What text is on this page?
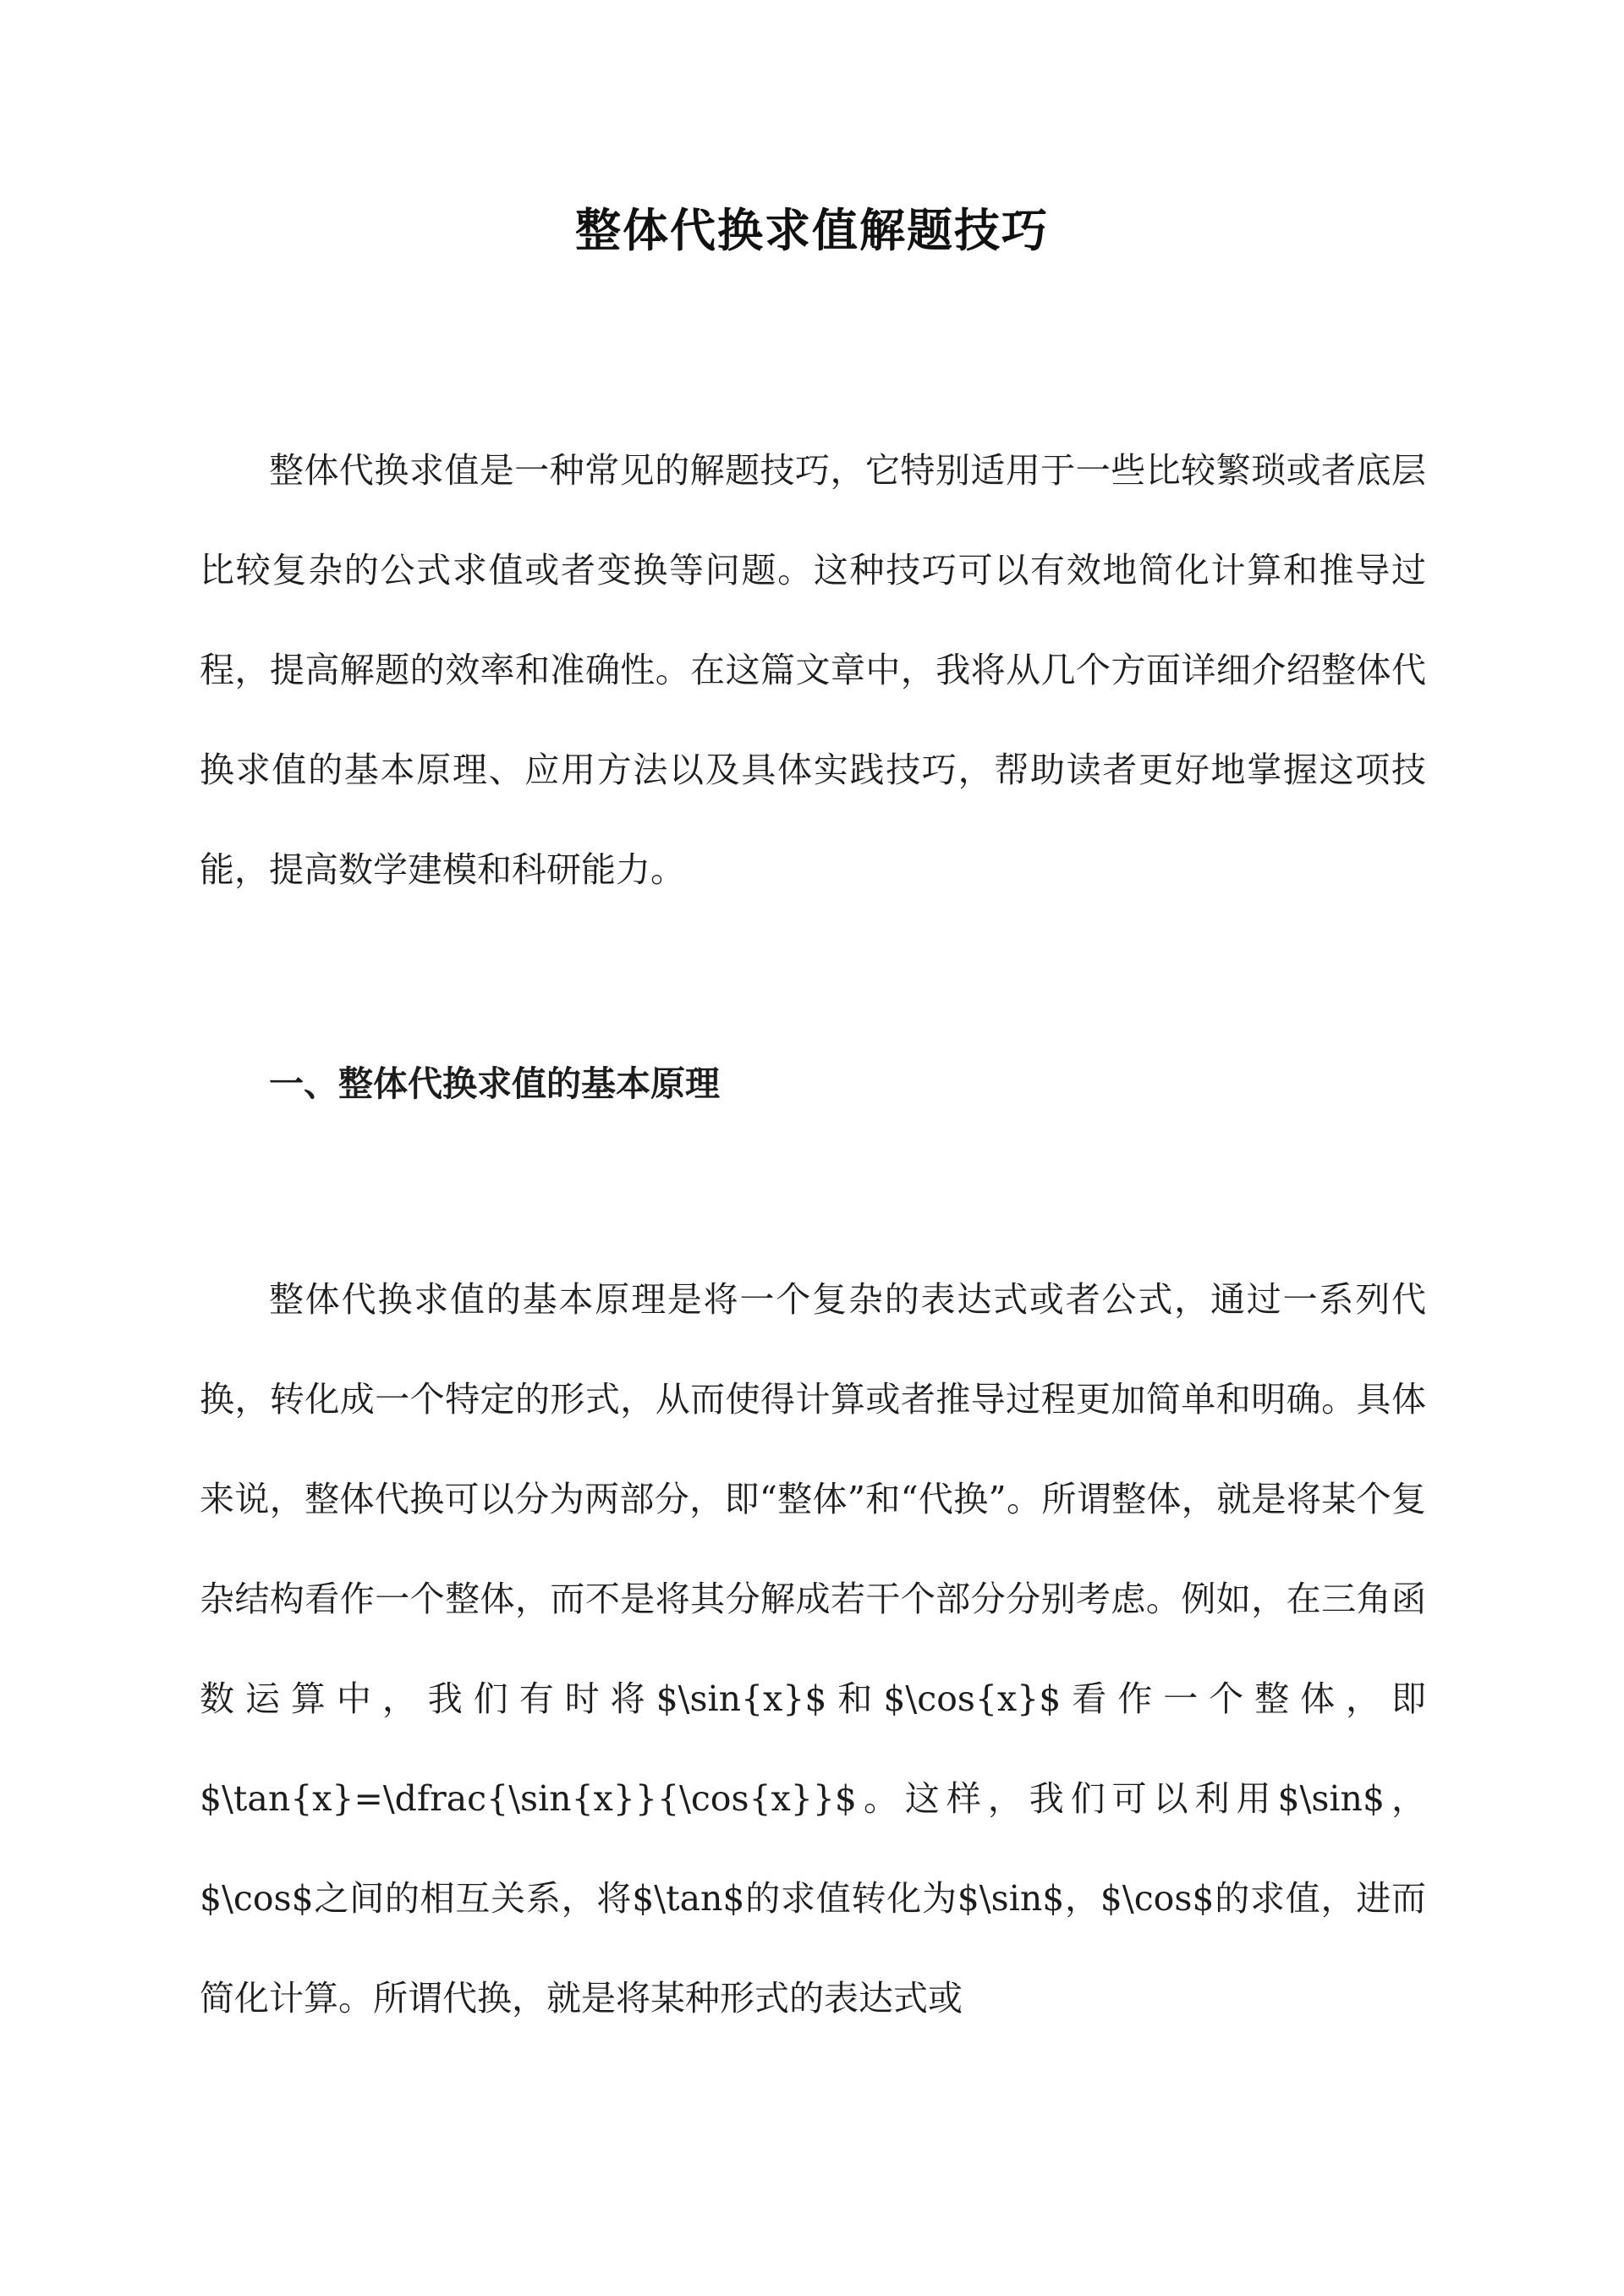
整体代换求值解题技巧

整体代换求值是一种常见的解题技巧，它特别适用于一些比较繁琐或者底层比较复杂的公式求值或者变换等问题。这种技巧可以有效地简化计算和推导过程，提高解题的效率和准确性。在这篇文章中，我将从几个方面详细介绍整体代换求值的基本原理、应用方法以及具体实践技巧，帮助读者更好地掌握这项技能，提高数学建模和科研能力。

一、整体代换求值的基本原理

整体代换求值的基本原理是将一个复杂的表达式或者公式，通过一系列代换，转化成一个特定的形式，从而使得计算或者推导过程更加简单和明确。具体来说，整体代换可以分为两部分，即“整体”和“代换”。所谓整体，就是将某个复杂结构看作一个整体，而不是将其分解成若干个部分分别考虑。例如，在三角函数运算中，我们有时将$\sin{x}$和$\cos{x}$看作一个整体，即$\tan{x}=\dfrac{\sin{x}}{\cos{x}}$。这样，我们可以利用$\sin$，$\cos$之间的相互关系，将$\tan$的求值转化为$\sin$，$\cos$的求值，进而简化计算。所谓代换，就是将某种形式的表达式或
